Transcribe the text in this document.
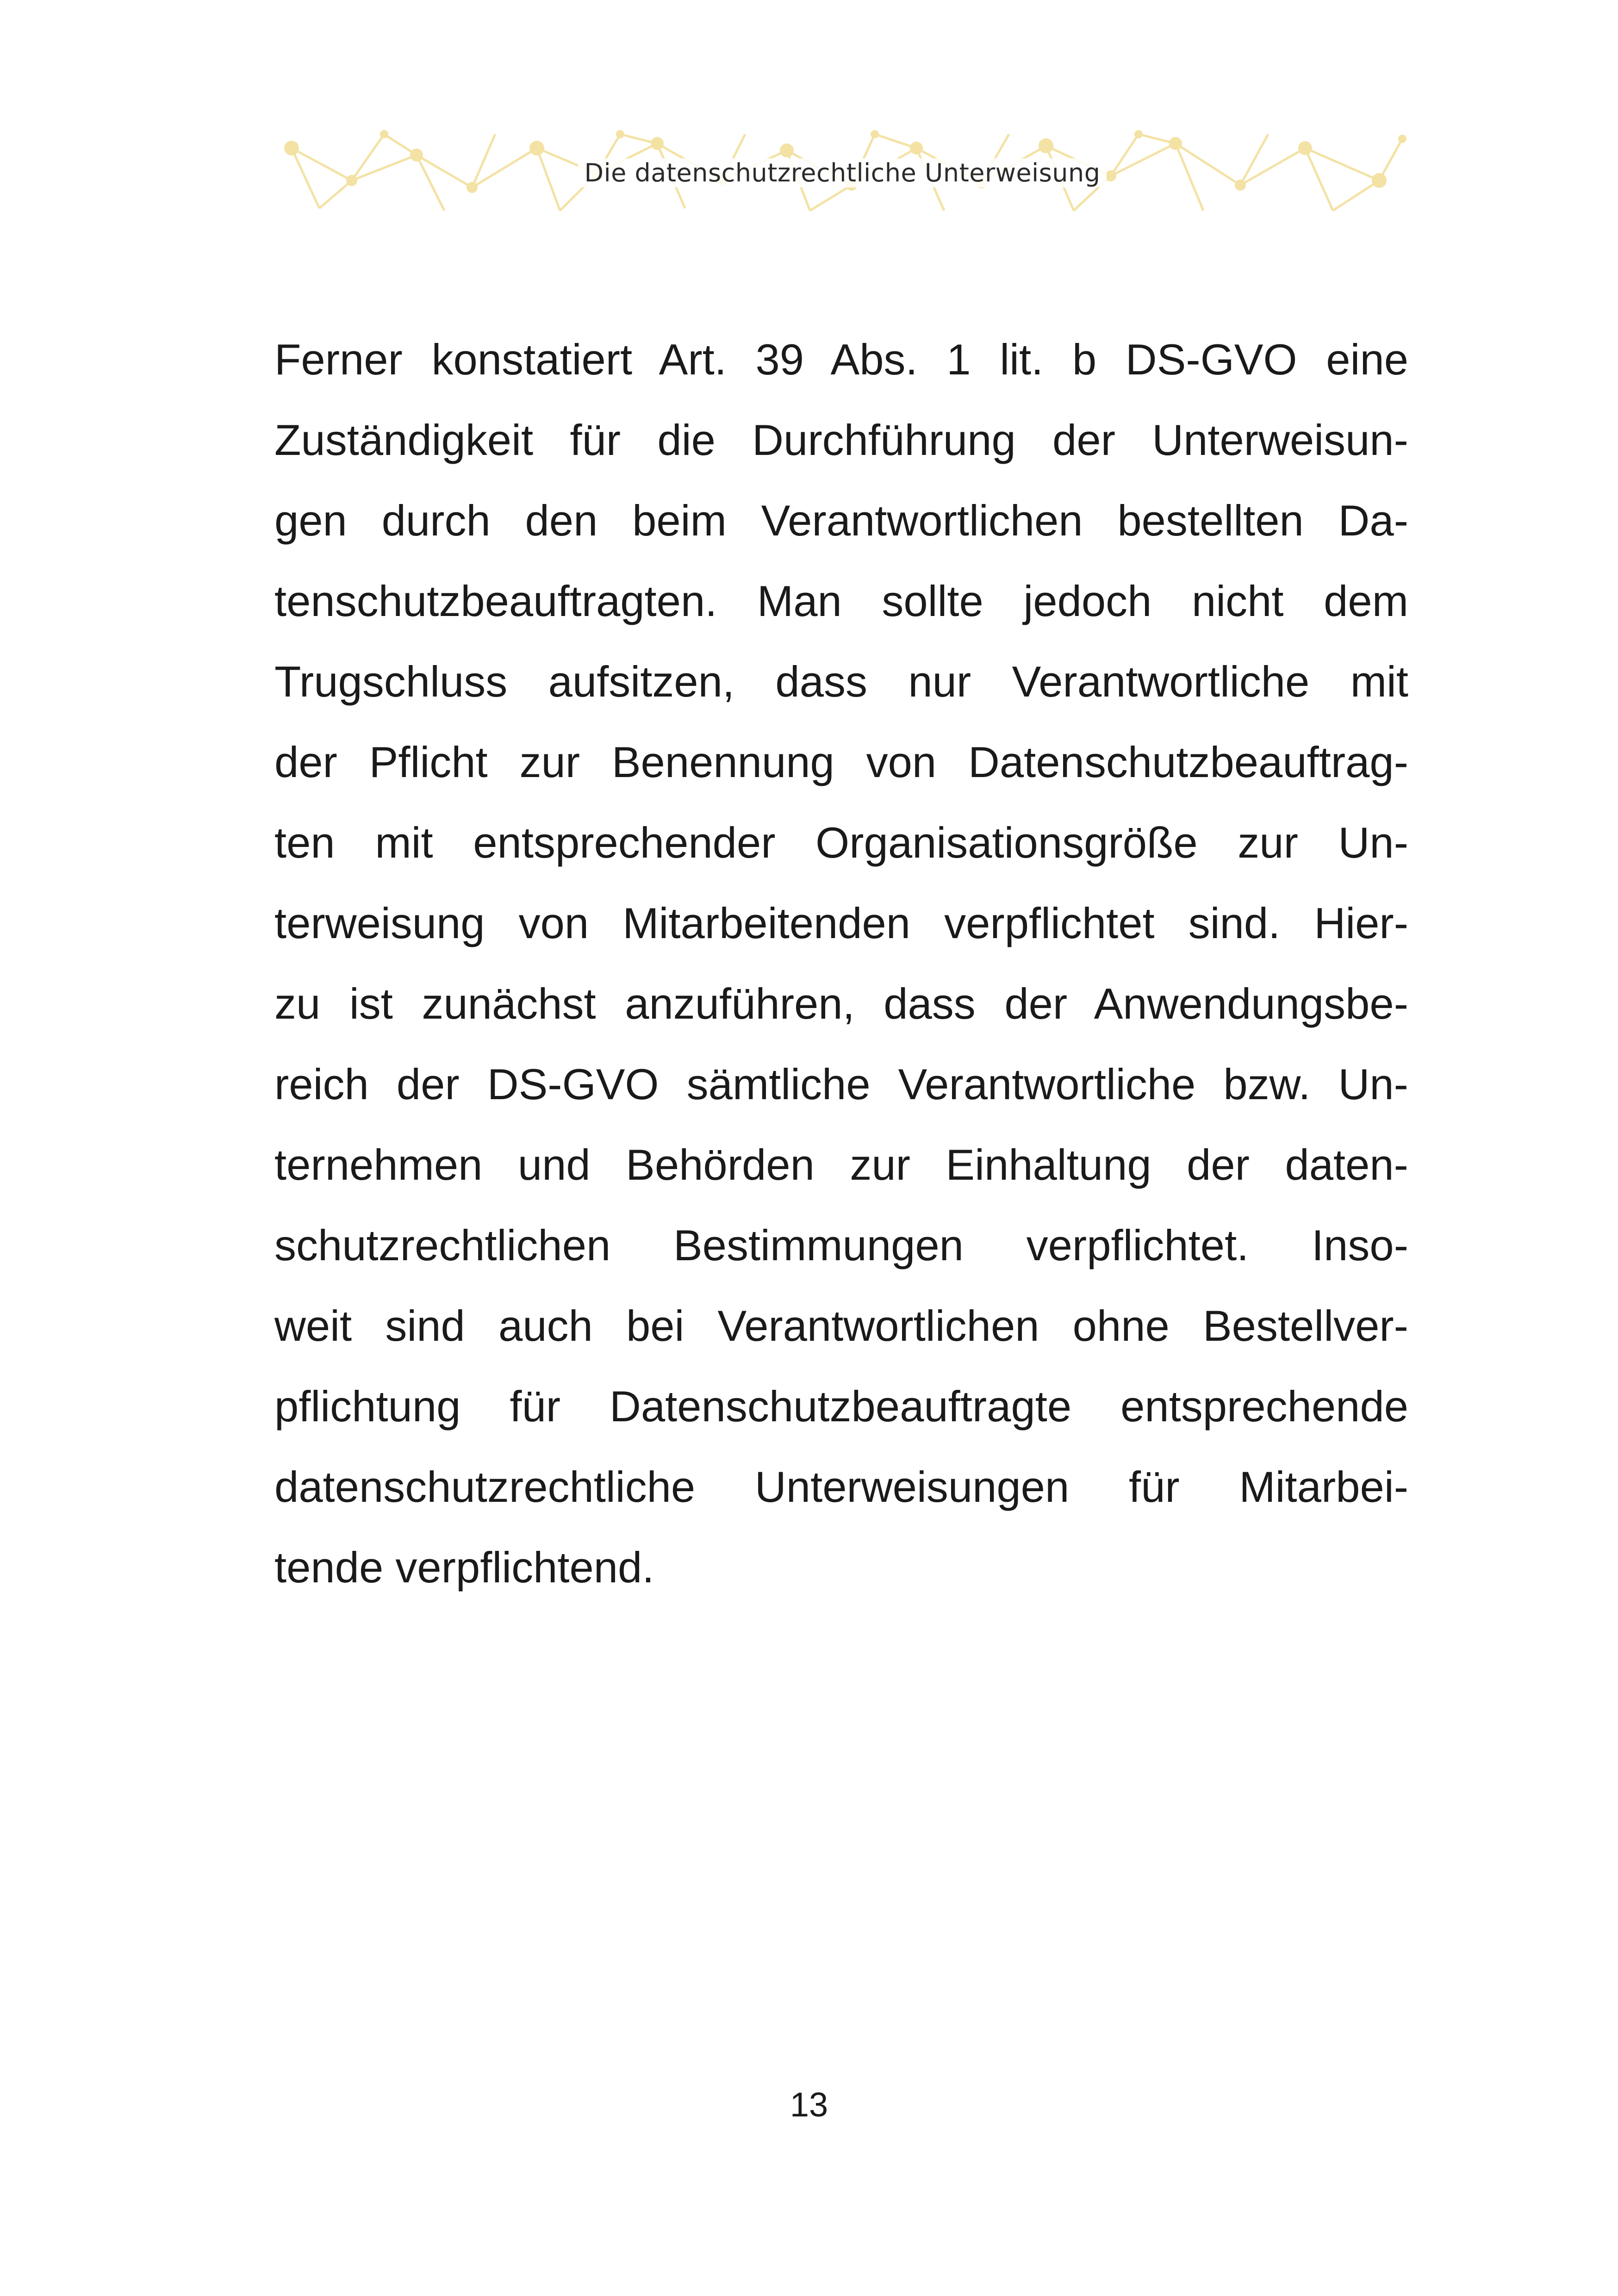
Die datenschutzrechtliche Unterweisung
Ferner konstatiert Art. 39 Abs. 1 lit. b DS-GVO eine
Zuständigkeit für die Durchführung der Unterweisun-
gen durch den beim Verantwortlichen bestellten Da-
tenschutzbeauftragten. Man sollte jedoch nicht dem
Trugschluss aufsitzen, dass nur Verantwortliche mit
der Pflicht zur Benennung von Datenschutzbeauftrag-
ten mit entsprechender Organisationsgröße zur Un-
terweisung von Mitarbeitenden verpflichtet sind. Hier-
zu ist zunächst anzuführen, dass der Anwendungsbe-
reich der DS-GVO sämtliche Verantwortliche bzw. Un-
ternehmen und Behörden zur Einhaltung der daten-
schutzrechtlichen Bestimmungen verpflichtet. Inso-
weit sind auch bei Verantwortlichen ohne Bestellver-
pflichtung für Datenschutzbeauftragte entsprechende
datenschutzrechtliche Unterweisungen für Mitarbei-
tende verpflichtend.
13
